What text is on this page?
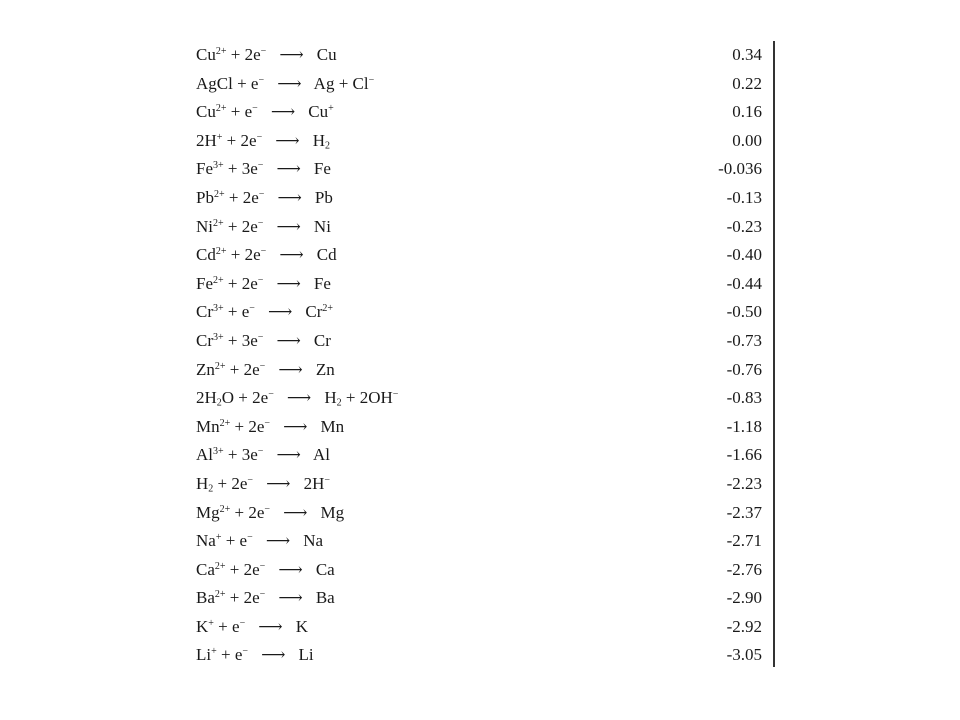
$Cu^{2+} + 2e^-$ ⟶ Cu	0.34
AgCl + e− ⟶ Ag + Cl−	0.22
$Cu^{2+} + e^-$ ⟶ Cu+	0.16
2H+ + 2e− ⟶ $H_2$	0.00
$Fe^{3+} + 3e^-$ ⟶ Fe	-0.036
$Pb^{2+} + 2e^-$ ⟶ Pb	-0.13
$Ni^{2+} + 2e^-$ ⟶ Ni	-0.23
$Cd^{2+} + 2e^-$ ⟶ Cd	-0.40
$Fe^{2+} + 2e^-$ ⟶ Fe	-0.44
$Cr^{3+} + e^-$ ⟶ $Cr^{2+}$	-0.50
$Cr^{3+} + 3e^-$ ⟶ Cr	-0.73
$Zn^{2+} + 2e^-$ ⟶ Zn	-0.76
$2H_2O + 2e^-$ ⟶ $H_2 + 2OH^-$	-0.83
$Mn^{2+} + 2e^-$ ⟶ Mn	-1.18
$Al^{3+} + 3e^-$ ⟶ Al	-1.66
$H_2 + 2e^-$ ⟶ 2H−	-2.23
$Mg^{2+} + 2e^-$ ⟶ Mg	-2.37
Na+ + e− ⟶ Na	-2.71
$Ca^{2+} + 2e^-$ ⟶ Ca	-2.76
$Ba^{2+} + 2e^-$ ⟶ Ba	-2.90
K+ + e− ⟶ K	-2.92
Li+ + e− ⟶ Li	-3.05
